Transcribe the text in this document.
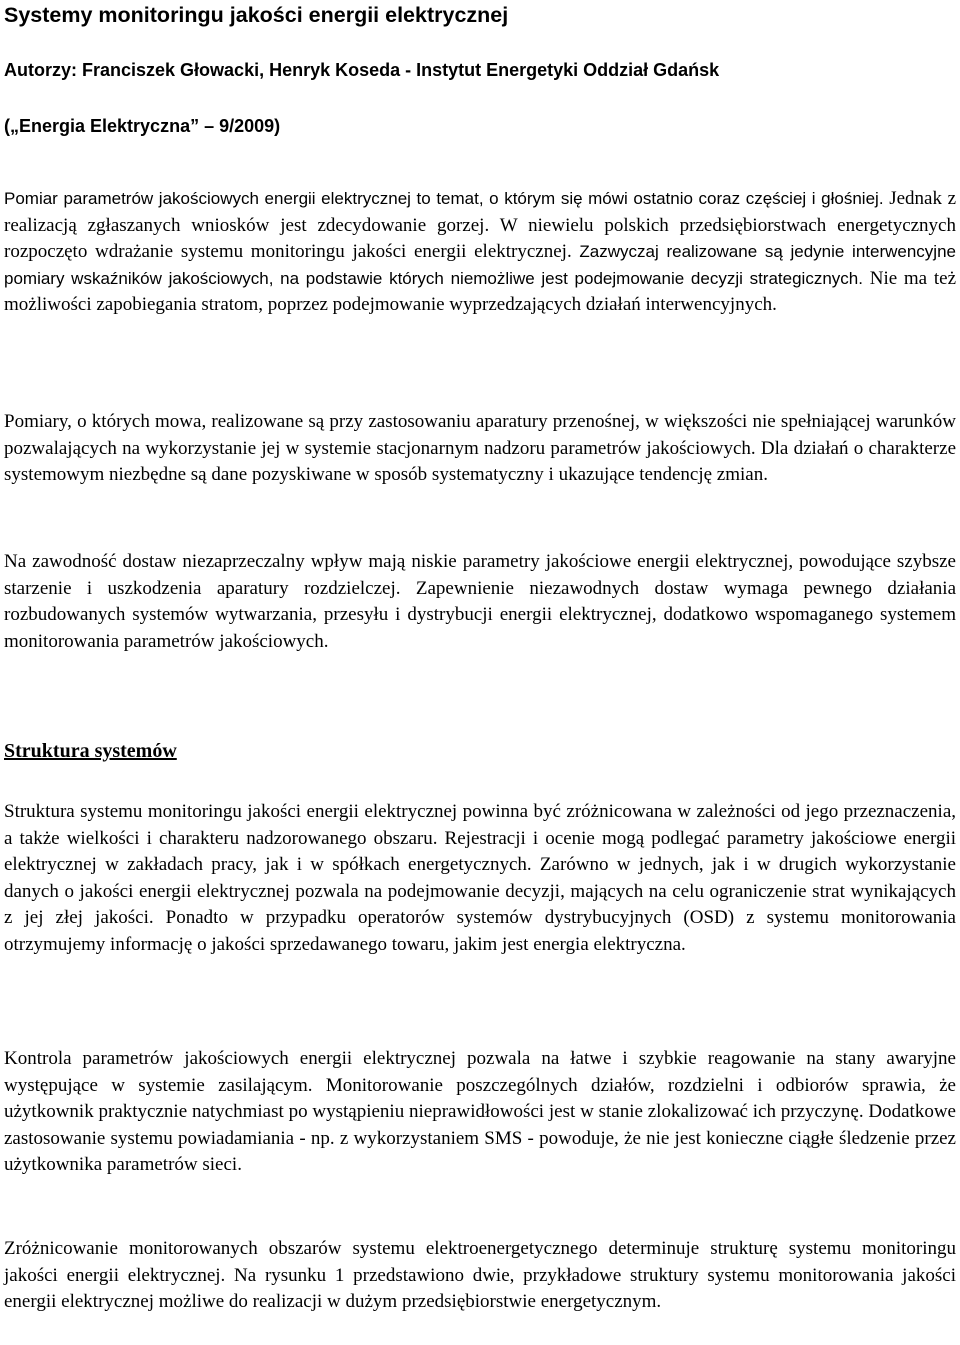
Systemy monitoringu jakości energii elektrycznej
Autorzy: Franciszek Głowacki, Henryk Koseda - Instytut Energetyki Oddział Gdańsk
(„Energia Elektryczna” – 9/2009)

Pomiar parametrów jakościowych energii elektrycznej to temat, o którym się mówi ostatnio coraz częściej i głośniej. Jednak z realizacją zgłaszanych wniosków jest zdecydowanie gorzej. W niewielu polskich przedsiębiorstwach energetycznych rozpoczęto wdrażanie systemu monitoringu jakości energii elektrycznej. Zazwyczaj realizowane są jedynie interwencyjne pomiary wskaźników jakościowych, na podstawie których niemożliwe jest podejmowanie decyzji strategicznych. Nie ma też możliwości zapobiegania stratom, poprzez podejmowanie wyprzedzających działań interwencyjnych.

Pomiary, o których mowa, realizowane są przy zastosowaniu aparatury przenośnej, w większości nie spełniającej warunków pozwalających na wykorzystanie jej w systemie stacjonarnym nadzoru parametrów jakościowych. Dla działań o charakterze systemowym niezbędne są dane pozyskiwane w sposób systematyczny i ukazujące tendencję zmian.

Na zawodność dostaw niezaprzeczalny wpływ mają niskie parametry jakościowe energii elektrycznej, powodujące szybsze starzenie i uszkodzenia aparatury rozdzielczej. Zapewnienie niezawodnych dostaw wymaga pewnego działania rozbudowanych systemów wytwarzania, przesyłu i dystrybucji energii elektrycznej, dodatkowo wspomaganego systemem monitorowania parametrów jakościowych.

Struktura systemów

Struktura systemu monitoringu jakości energii elektrycznej powinna być zróżnicowana w zależności od jego przeznaczenia, a także wielkości i charakteru nadzorowanego obszaru. Rejestracji i ocenie mogą podlegać parametry jakościowe energii elektrycznej w zakładach pracy, jak i w spółkach energetycznych. Zarówno w jednych, jak i w drugich wykorzystanie danych o jakości energii elektrycznej pozwala na podejmowanie decyzji, mających na celu ograniczenie strat wynikających z jej złej jakości. Ponadto w przypadku operatorów systemów dystrybucyjnych (OSD) z systemu monitorowania otrzymujemy informację o jakości sprzedawanego towaru, jakim jest energia elektryczna.

Kontrola parametrów jakościowych energii elektrycznej pozwala na łatwe i szybkie reagowanie na stany awaryjne występujące w systemie zasilającym. Monitorowanie poszczególnych działów, rozdzielni i odbiorów sprawia, że użytkownik praktycznie natychmiast po wystąpieniu nieprawidłowości jest w stanie zlokalizować ich przyczynę. Dodatkowe zastosowanie systemu powiadamiania - np. z wykorzystaniem SMS - powoduje, że nie jest konieczne ciągłe śledzenie przez użytkownika parametrów sieci.

Zróżnicowanie monitorowanych obszarów systemu elektroenergetycznego determinuje strukturę systemu monitoringu jakości energii elektrycznej. Na rysunku 1 przedstawiono dwie, przykładowe struktury systemu monitorowania jakości energii elektrycznej możliwe do realizacji w dużym przedsiębiorstwie energetycznym.
